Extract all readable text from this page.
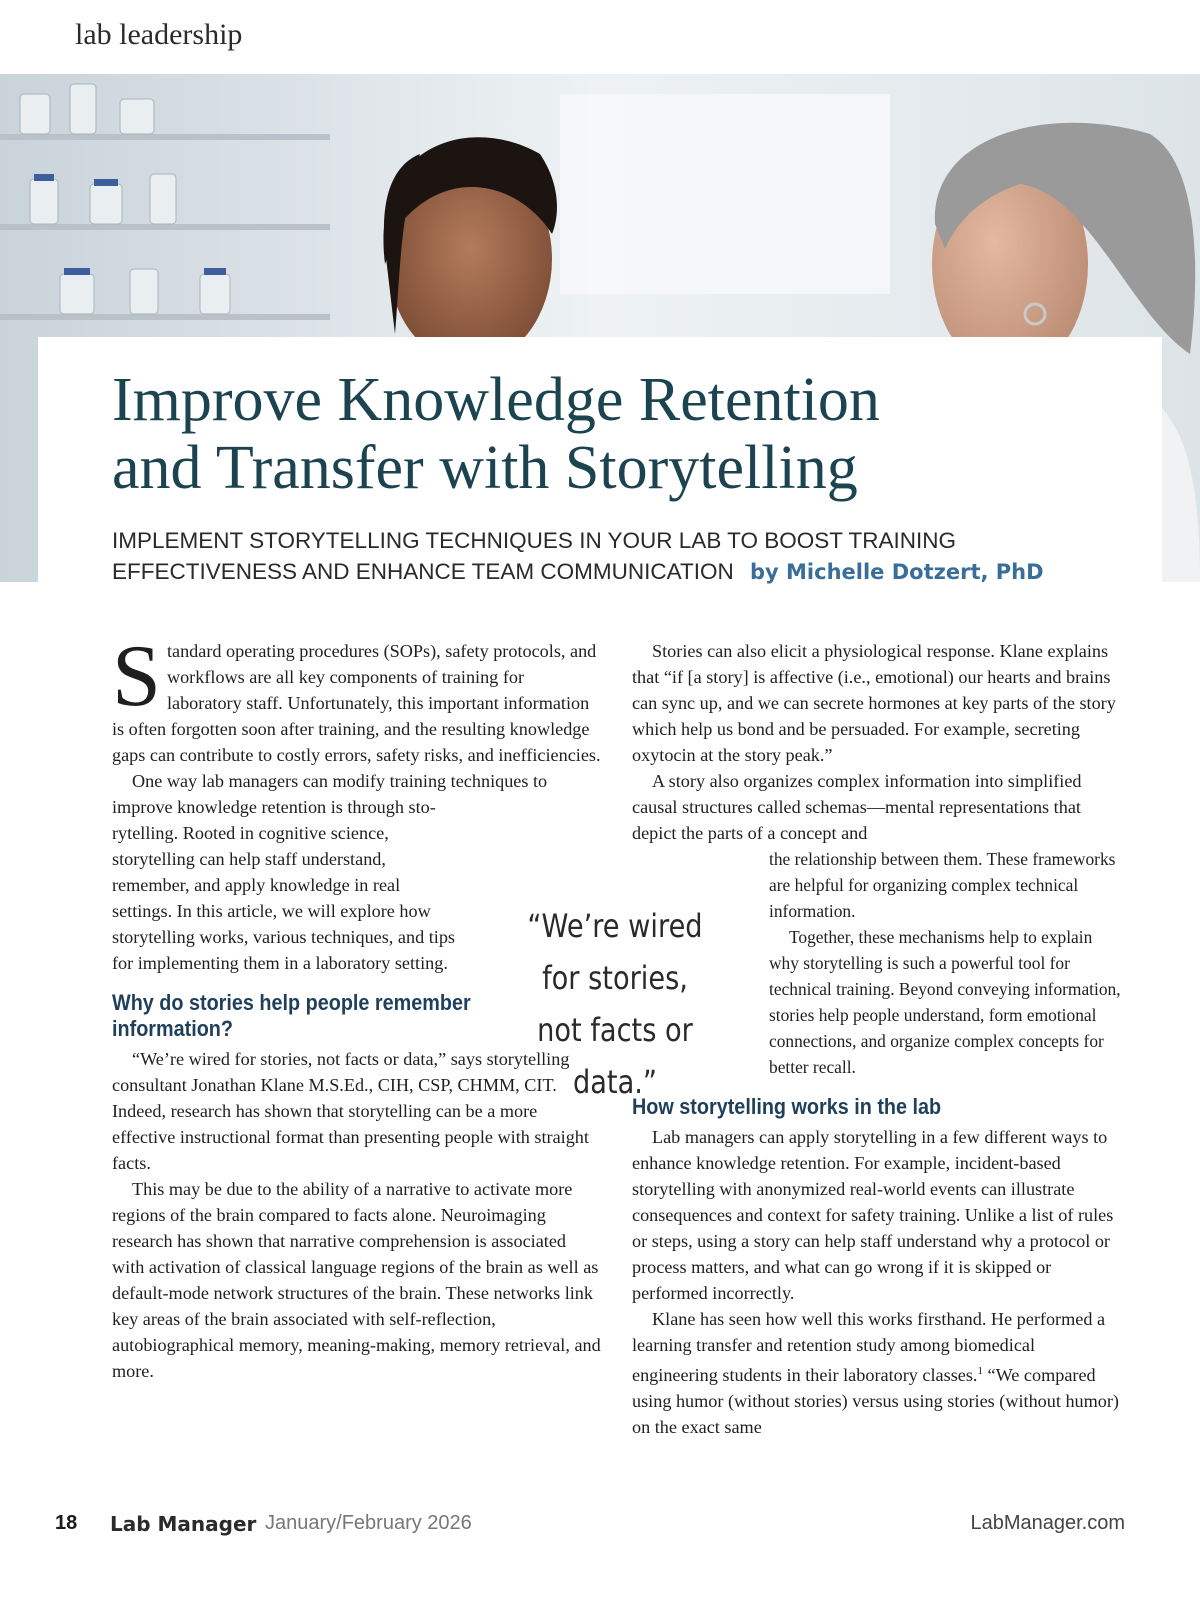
lab leadership
Improve Knowledge Retention
and Transfer with Storytelling
IMPLEMENT STORYTELLING TECHNIQUES IN YOUR LAB TO BOOST TRAINING
EFFECTIVENESS AND ENHANCE TEAM COMMUNICATION by Michelle Dotzert, PhD

Standard operating procedures (SOPs), safety protocols, and workflows are all key components of training for laboratory staff. Unfortunately, this important information is often forgotten soon after training, and the resulting knowledge gaps can contribute to costly errors, safety risks, and inefficiencies.

One way lab managers can modify training techniques to improve knowledge retention is through sto-

rytelling. Rooted in cognitive science, storytelling can help staff understand, remember, and apply knowledge in real settings. In this article, we will explore how storytelling works, various techniques, and tips for implementing them in a laboratory setting.

Why do stories help people remember information?

“We’re wired for stories, not facts or data,” says storytelling consultant Jonathan Klane M.S.Ed., CIH, CSP, CHMM, CIT. Indeed, research has shown that storytelling can be a more effective instructional format than presenting people with straight facts.

This may be due to the ability of a narrative to activate more regions of the brain compared to facts alone. Neuroimaging research has shown that narrative comprehension is associated with activation of classical language regions of the brain as well as default-mode network structures of the brain. These networks link key areas of the brain associated with self-reflection, autobiographical memory, meaning-making, memory retrieval, and more.

“We’re wired for stories, not facts or data.”

Stories can also elicit a physiological response. Klane explains that “if [a story] is affective (i.e., emotional) our hearts and brains can sync up, and we can secrete hormones at key parts of the story which help us bond and be persuaded. For example, secreting oxytocin at the story peak.”

A story also organizes complex information into simplified causal structures called schemas—mental representations that depict the parts of a concept and

the relationship between them. These frameworks are helpful for organizing complex technical information.

Together, these mechanisms help to explain why storytelling is such a powerful tool for technical training. Beyond conveying information, stories help people understand, form emotional connections, and organize complex concepts for better recall.

How storytelling works in the lab

Lab managers can apply storytelling in a few different ways to enhance knowledge retention. For example, incident-based storytelling with anonymized real-world events can illustrate consequences and context for safety training. Unlike a list of rules or steps, using a story can help staff understand why a protocol or process matters, and what can go wrong if it is skipped or performed incorrectly.

Klane has seen how well this works firsthand. He performed a learning transfer and retention study among biomedical engineering students in their laboratory classes.$^1$ “We compared using humor (without stories) versus using stories (without humor) on the exact same

18 Lab Manager January/February 2026	LabManager.com
